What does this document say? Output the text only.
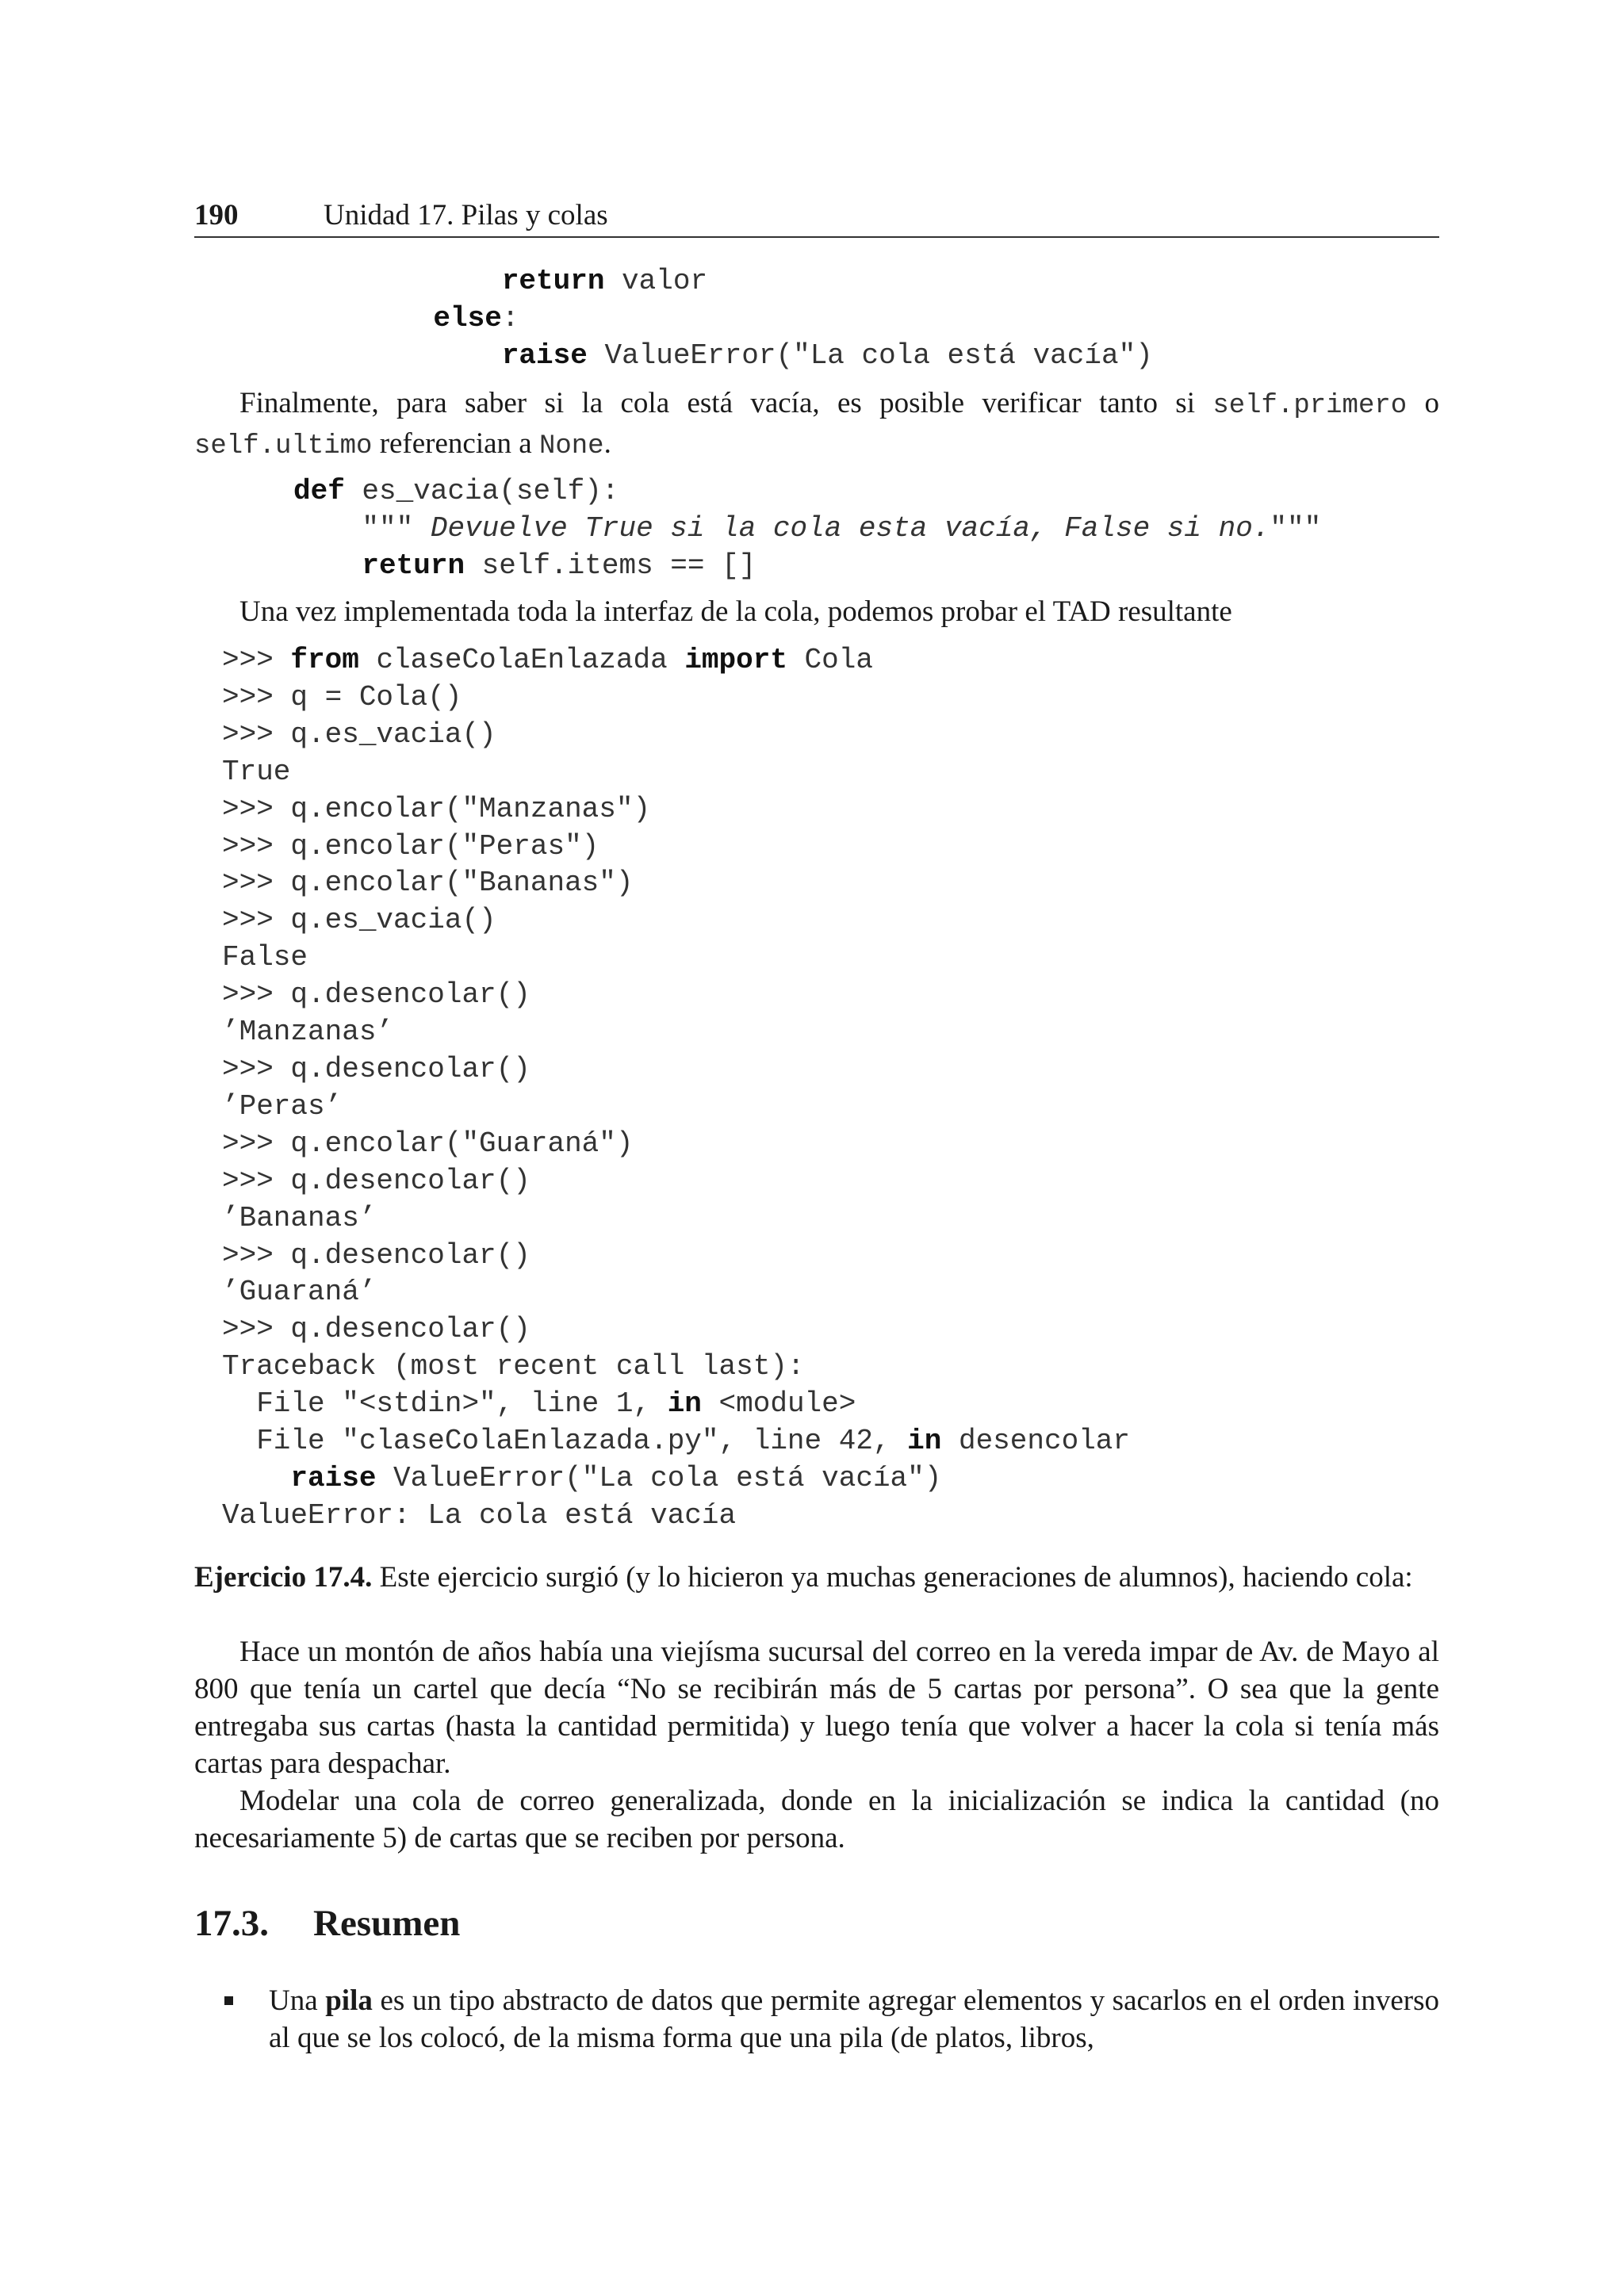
190	Unidad 17. Pilas y colas
return valor
else:
raise ValueError("La cola está vacía")

Finalmente, para saber si la cola está vacía, es posible verificar tanto si self.primero o self.ultimo referencian a None.
def es_vacia(self):
""" Devuelve True si la cola esta vacía, False si no."""
return self.items == []

Una vez implementada toda la interfaz de la cola, podemos probar el TAD resultante
>>> from claseColaEnlazada import Cola
>>> q = Cola()
>>> q.es_vacia()
True
>>> q.encolar("Manzanas")
>>> q.encolar("Peras")
>>> q.encolar("Bananas")
>>> q.es_vacia()
False
>>> q.desencolar()
’Manzanas’
>>> q.desencolar()
’Peras’
>>> q.encolar("Guaraná")
>>> q.desencolar()
’Bananas’
>>> q.desencolar()
’Guaraná’
>>> q.desencolar()
Traceback (most recent call last):
File "<stdin>", line 1, in <module>
File "claseColaEnlazada.py", line 42, in desencolar
raise ValueError("La cola está vacía")
ValueError: La cola está vacía

Ejercicio 17.4. Este ejercicio surgió (y lo hicieron ya muchas generaciones de alumnos), haciendo cola:
Hace un montón de años había una viejísma sucursal del correo en la vereda impar de Av. de Mayo al 800 que tenía un cartel que decía “No se recibirán más de 5 cartas por persona”. O sea que la gente entregaba sus cartas (hasta la cantidad permitida) y luego tenía que volver a hacer la cola si tenía más cartas para despachar.
Modelar una cola de correo generalizada, donde en la inicialización se indica la cantidad (no necesariamente 5) de cartas que se reciben por persona.
17.3. Resumen
Una pila es un tipo abstracto de datos que permite agregar elementos y sacarlos en el orden inverso al que se los colocó, de la misma forma que una pila (de platos, libros,
